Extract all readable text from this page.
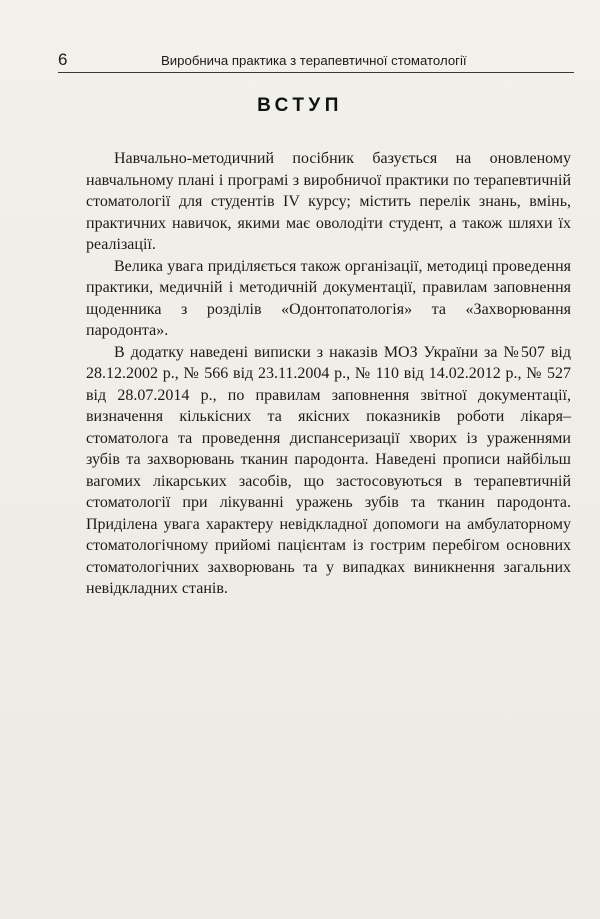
6	Виробнича практика з терапевтичної стоматології
ВСТУП

Навчально-методичний посібник базується на оновленому навчальному плані і програмі з виробничої практики по терапевтичній стоматології для студентів IV курсу; містить перелік знань, вмінь, практичних навичок, якими має оволодіти студент, а також шляхи їх реалізації.

Велика увага приділяється також організації, методиці проведення практики, медичній і методичній документації, правилам заповнення щоденника з розділів «Одонтопатологія» та «Захворювання пародонта».

В додатку наведені виписки з наказів МОЗ України за №507 від 28.12.2002 р., № 566 від 23.11.2004 р., № 110 від 14.02.2012 р., № 527 від 28.07.2014 р., по правилам заповнення звітної документації, визначення кількісних та якісних показників роботи лікаря–стоматолога та проведення диспансеризації хворих із ураженнями зубів та захворювань тканин пародонта. Наведені прописи найбільш вагомих лікарських засобів, що застосовуються в терапевтичній стоматології при лікуванні уражень зубів та тканин пародонта. Приділена увага характеру невідкладної допомоги на амбулаторному стоматологічному прийомі пацієнтам із гострим перебігом основних стоматологічних захворювань та у випадках виникнення загальних невідкладних станів.
